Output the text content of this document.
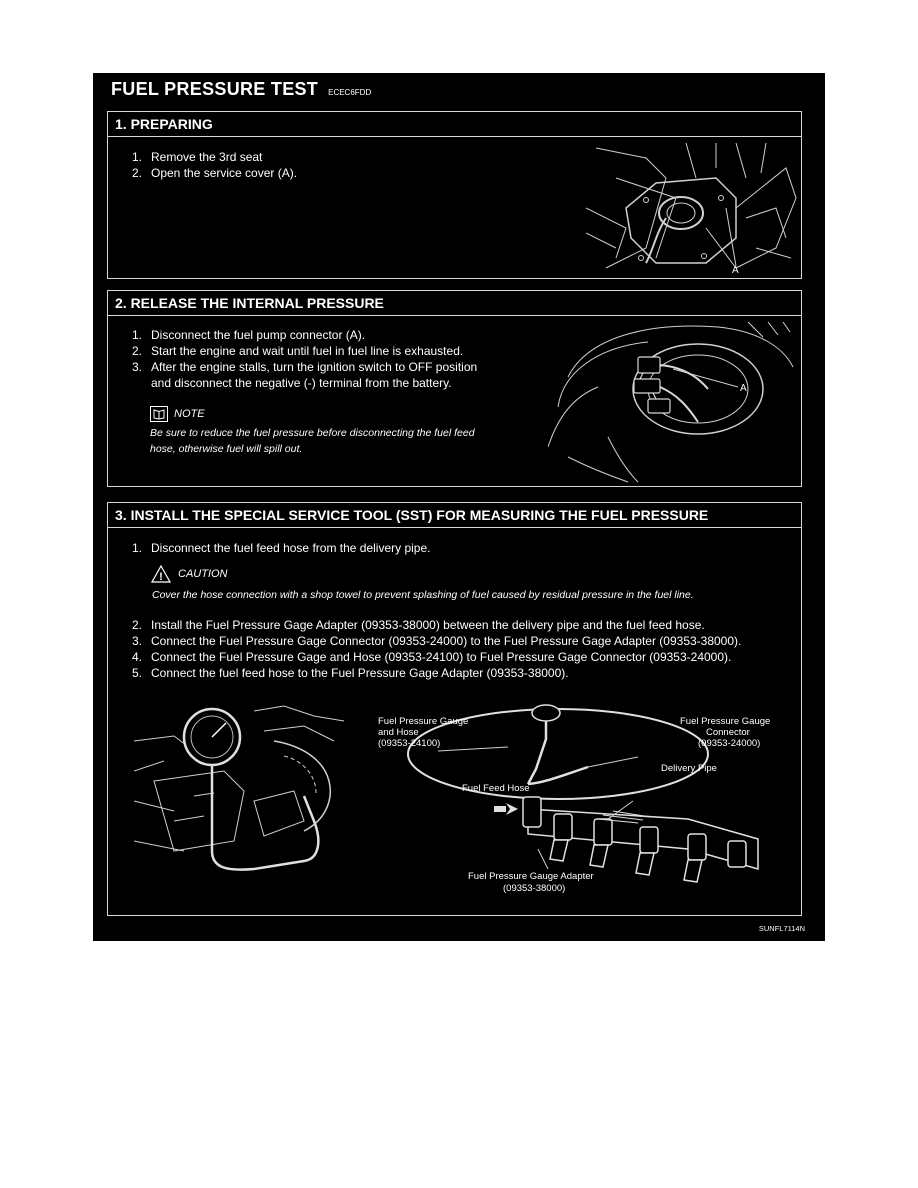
FUEL PRESSURE TEST ECEC6FDD
1. PREPARING
1. Remove the 3rd seat
2. Open the service cover (A).
A
2. RELEASE THE INTERNAL PRESSURE
1. Disconnect the fuel pump connector (A).
2. Start the engine and wait until fuel in fuel line is exhausted.
3. After the engine stalls, turn the ignition switch to OFF position
and disconnect the negative (-) terminal from the battery.
NOTE
Be sure to reduce the fuel pressure before disconnecting the fuel feed
hose, otherwise fuel will spill out.
A
3. INSTALL THE SPECIAL SERVICE TOOL (SST) FOR MEASURING THE FUEL PRESSURE
1. Disconnect the fuel feed hose from the delivery pipe.
! CAUTION
Cover the hose connection with a shop towel to prevent splashing of fuel caused by residual pressure in the fuel line.
2. Install the Fuel Pressure Gage Adapter (09353-38000) between the delivery pipe and the fuel feed hose.
3. Connect the Fuel Pressure Gage Connector (09353-24000) to the Fuel Pressure Gage Adapter (09353-38000).
4. Connect the Fuel Pressure Gage and Hose (09353-24100) to Fuel Pressure Gage Connector (09353-24000).
5. Connect the fuel feed hose to the Fuel Pressure Gage Adapter (09353-38000).
Fuel Pressure Gauge
and Hose
(09353-24100)
Fuel Pressure Gauge
Connector
(09353-24000)
Delivery Pipe
Fuel Feed Hose
Fuel Pressure Gauge Adapter
(09353-38000)
SUNFL7114N
